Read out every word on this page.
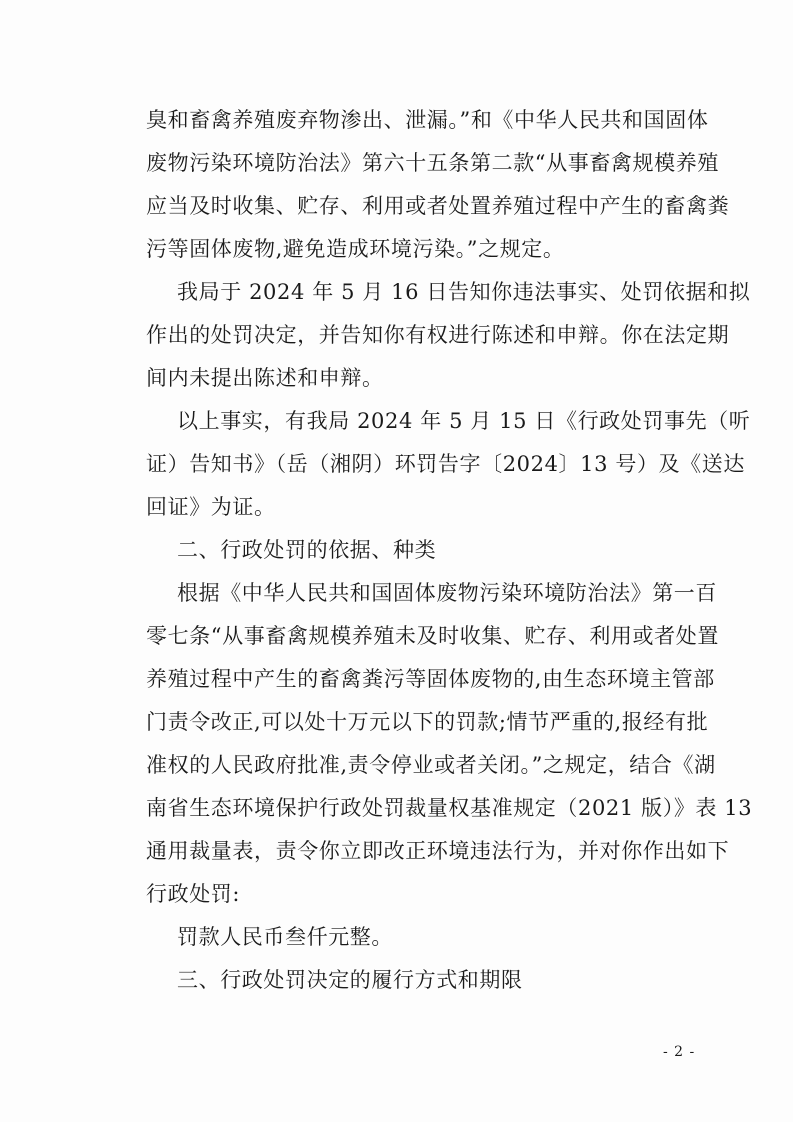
臭和畜禽养殖废弃物渗出、泄漏。”和《中华人民共和国固体
废物污染环境防治法》第六十五条第二款“从事畜禽规模养殖
应当及时收集、贮存、利用或者处置养殖过程中产生的畜禽粪
污等固体废物,避免造成环境污染。”之规定。
我局于 2024 年 5 月 16 日告知你违法事实、处罚依据和拟
作出的处罚决定，并告知你有权进行陈述和申辩。你在法定期
间内未提出陈述和申辩。
以上事实，有我局 2024 年 5 月 15 日《行政处罚事先（听
证）告知书》（岳（湘阴）环罚告字〔2024〕13 号）及《送达
回证》为证。
二、行政处罚的依据、种类
根据《中华人民共和国固体废物污染环境防治法》第一百
零七条“从事畜禽规模养殖未及时收集、贮存、利用或者处置
养殖过程中产生的畜禽粪污等固体废物的,由生态环境主管部
门责令改正,可以处十万元以下的罚款;情节严重的,报经有批
准权的人民政府批准,责令停业或者关闭。”之规定，结合《湖
南省生态环境保护行政处罚裁量权基准规定（2021 版）》表 13
通用裁量表，责令你立即改正环境违法行为，并对你作出如下
行政处罚:
罚款人民币叁仟元整。
三、行政处罚决定的履行方式和期限
- 2 -
